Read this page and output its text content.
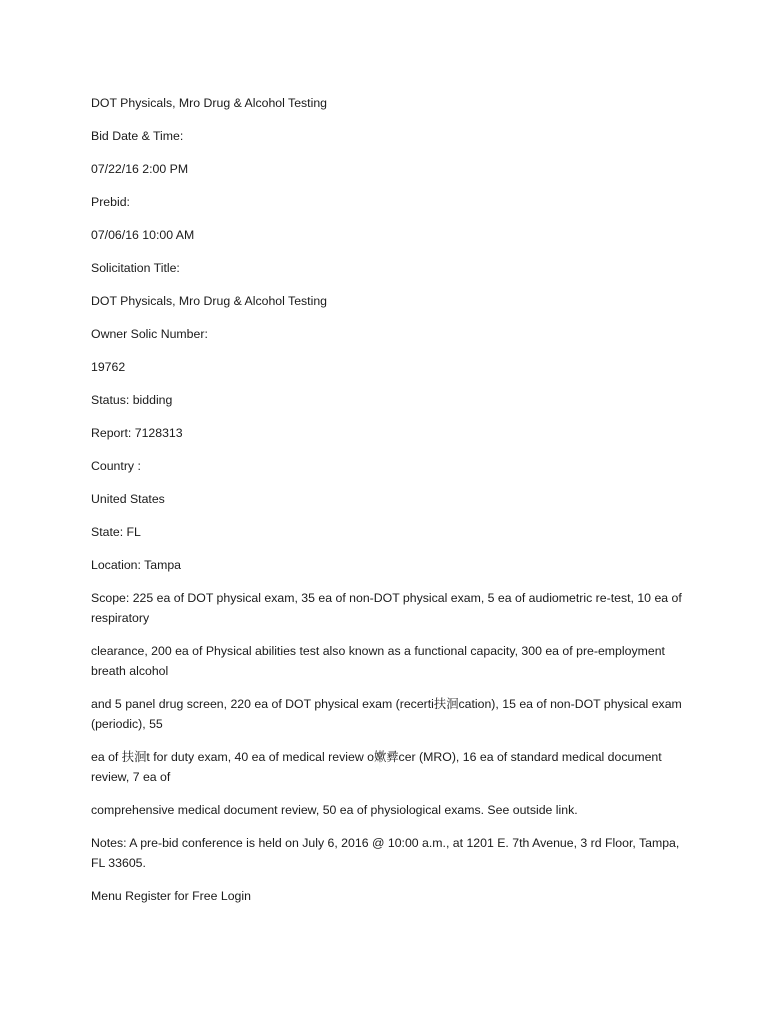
DOT Physicals, Mro Drug & Alcohol Testing

Bid Date & Time:

07/22/16 2:00 PM

Prebid:

07/06/16 10:00 AM

Solicitation Title:

DOT Physicals, Mro Drug & Alcohol Testing

Owner Solic Number:

19762

Status: bidding

Report: 7128313

Country :

United States

State: FL

Location: Tampa

Scope: 225 ea of DOT physical exam, 35 ea of non-DOT physical exam, 5 ea of audiometric re-test, 10 ea of respiratory

clearance, 200 ea of Physical abilities test also known as a functional capacity, 300 ea of pre-employment breath alcohol

and 5 panel drug screen, 220 ea of DOT physical exam (recerti扶洄cation), 15 ea of non-DOT physical exam (periodic), 55

ea of 扶洄t for duty exam, 40 ea of medical review o嫰彛cer (MRO), 16 ea of standard medical document review, 7 ea of

comprehensive medical document review, 50 ea of physiological exams. See outside link.

Notes: A pre-bid conference is held on July 6, 2016 @ 10:00 a.m., at 1201 E. 7th Avenue, 3 rd Floor, Tampa, FL 33605.

Menu Register for Free Login
